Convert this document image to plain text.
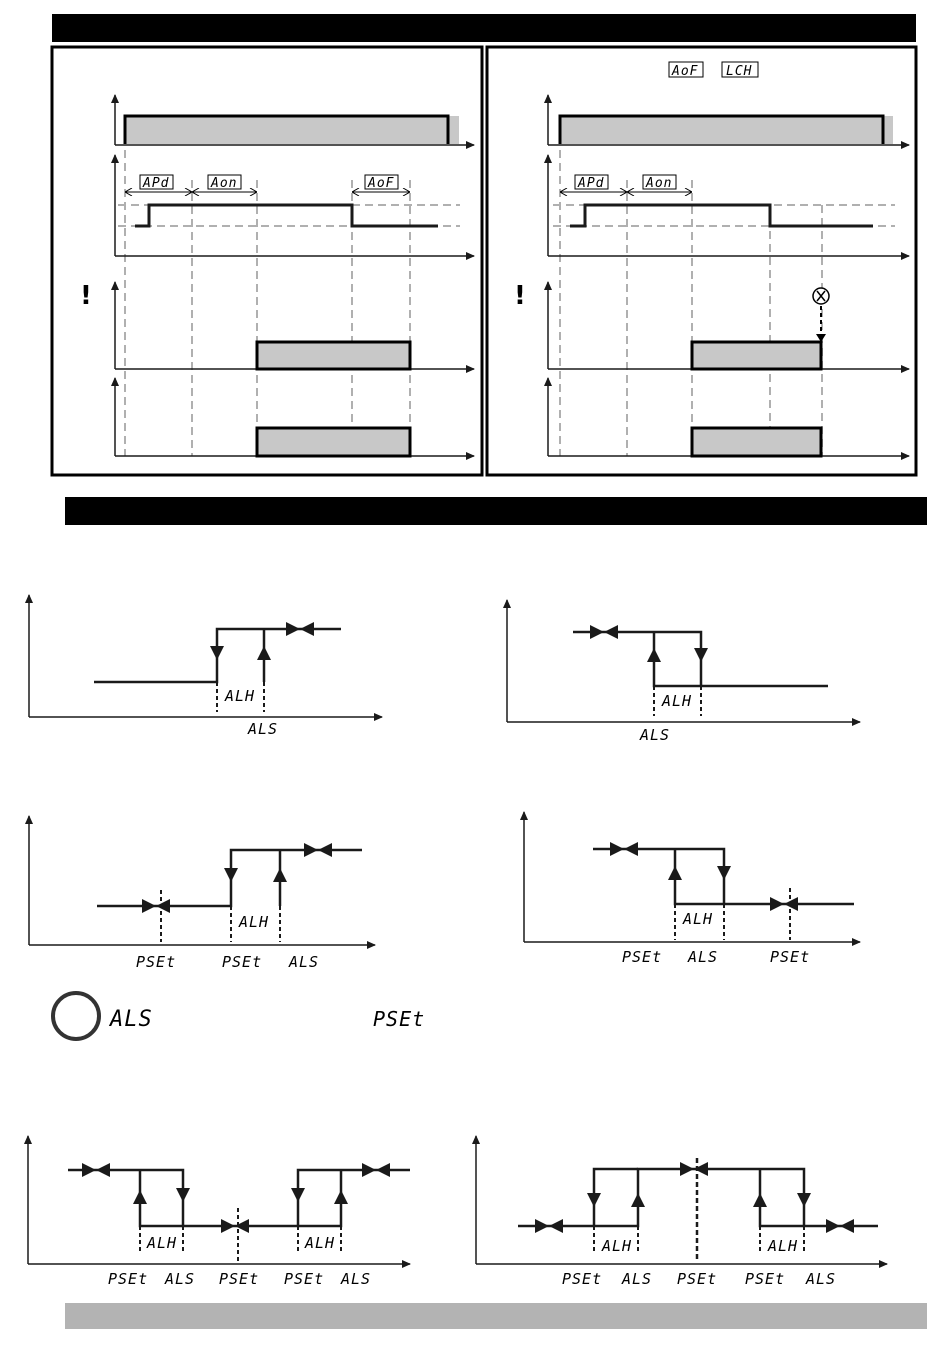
APd	Aon	AoF
!
AoF LCH
APd	Aon
!
ALH
ALS
ALH
ALS
ALH
PSEt	PSEt ALS
ALH
PSEt ALS	PSEt
ALS	PSEt
ALH	ALH
PSEt ALS PSEt PSEt ALS
ALH	ALH
PSEt ALS PSEt PSEt ALS
